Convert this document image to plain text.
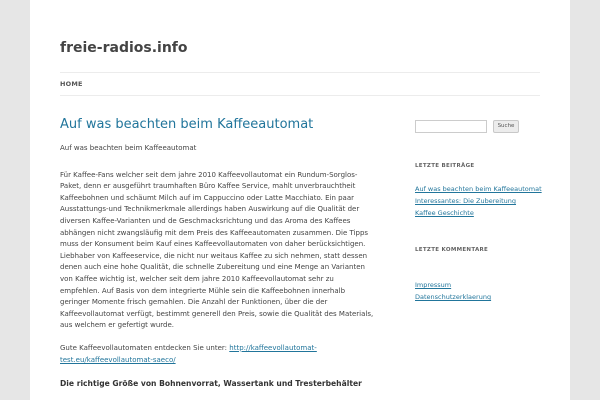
freie-radios.info
HOME
Auf was beachten beim Kaffeeautomat

Auf was beachten beim Kaffeeautomat

Für Kaffee-Fans welcher seit dem jahre 2010 Kaffeevollautomat ein Rundum-Sorglos-Paket, denn er ausgeführt traumhaften Büro Kaffee Service, mahlt unverbrauchtheit Kaffeebohnen und schäumt Milch auf im Cappuccino oder Latte Macchiato. Ein paar Ausstattungs-und Technikmerkmale allerdings haben Auswirkung auf die Qualität der diversen Kaffee-Varianten und de Geschmacksrichtung und das Aroma des Kaffees abhängen nicht zwangsläufig mit dem Preis des Kaffeeautomaten zusammen. Die Tipps muss der Konsument beim Kauf eines Kaffeevollautomaten von daher berücksichtigen. Liebhaber von Kaffeeservice, die nicht nur weitaus Kaffee zu sich nehmen, statt dessen denen auch eine hohe Qualität, die schnelle Zubereitung und eine Menge an Varianten von Kaffee wichtig ist, welcher seit dem jahre 2010 Kaffeevollautomat sehr zu empfehlen. Auf Basis von dem integrierte Mühle sein die Kaffeebohnen innerhalb geringer Momente frisch gemahlen. Die Anzahl der Funktionen, über die der Kaffeevollautomat verfügt, bestimmt generell den Preis, sowie die Qualität des Materials, aus welchem er gefertigt wurde.

Gute Kaffeevollautomaten entdecken Sie unter: http://kaffeevollautomat-test.eu/kaffeevollautomat-saeco/

Die richtige Größe von Bohnenvorrat, Wassertank und Tresterbehälter

Suche
LETZTE BEITRÄGE
Auf was beachten beim Kaffeeautomat
Interessantes: Die Zubereitung
Kaffee Geschichte
LETZTE KOMMENTARE
Impressum
Datenschutzerklaerung
